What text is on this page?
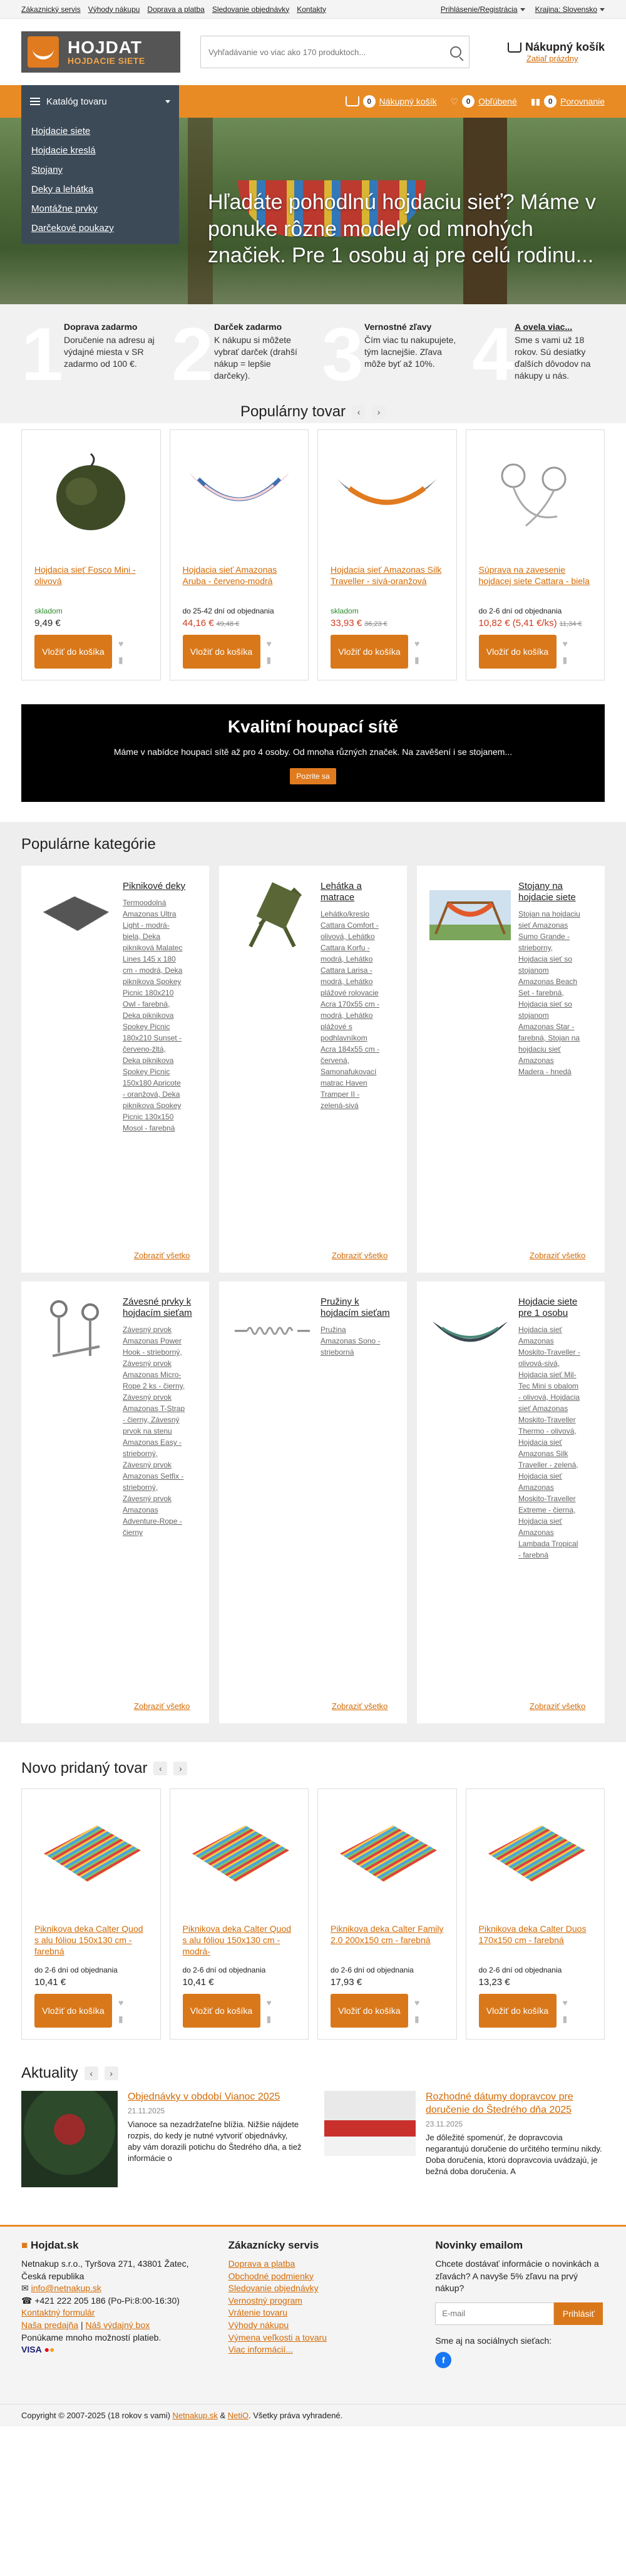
Zákaznický servis Výhody nákupu Doprava a platba Sledovanie objednávky Kontakty	Prihlásenie/Registrácia	Krajina: Slovensko
HOJDAT
HOJDACIE SIETE
Vyhľadávanie vo viac ako 170 produktoch...
Nákupný košík
Zatiaľ prázdny
Katalóg tovaru	0 Nákupný košík ♡	0 Obľúbené ▮▮	0 Porovnanie
Hľadáte pohodlnú hojdaciu sieť? Máme v ponuke rôzne modely od mnohých značiek. Pre 1 osobu aj pre celú rodinu...
Hojdacie siete
Hojdacie kreslá
Stojany
Deky a lehátka
Montážne prvky
Darčekové poukazy
1 Doprava zadarmo
Doručenie na adresu aj výdajné miesta v SR zadarmo od 100 €. 2 Darček zadarmo
K nákupu si môžete vybrať darček (drahší nákup = lepšie darčeky). 3 Vernostné zľavy
Čím viac tu nakupujete, tým lacnejšie. Zľava môže byť až 10%. 4 A ovela viac...
Sme s vami už 18 rokov. Sú desiatky ďalších dôvodov na nákupy u nás.
Populárny tovar	‹	›
Hojdacia sieť Fosco Mini - olivová
skladom
9,49 €
Vložiť do košíka
♥
▮
Hojdacia sieť Amazonas Aruba - červeno-modrá
do 25-42 dní od objednania
44,16 € 49,48 €
Vložiť do košíka
♥
▮
Hojdacia sieť Amazonas Silk Traveller - sivá-oranžová
skladom
33,93 € 36,23 €
Vložiť do košíka
♥
▮
Súprava na zavesenie hojdacej siete Cattara - biela
do 2-6 dní od objednania
10,82 € (5,41 €/ks) 11,34 €
Vložiť do košíka
♥
▮
Kvalitní houpací sítě

Máme v nabídce houpací sítě až pro 4 osoby. Od mnoha různých značek. Na zavěšení i se stojanem...

Pozrite sa
Populárne kategórie
Piknikové deky
Termoodolná Amazonas Ultra Light - modrá-biela, Deka pikniková Malatec Lines 145 x 180 cm - modrá, Deka piknikova Spokey Picnic 180x210 Owl - farebná, Deka piknikova Spokey Picnic 180x210 Sunset - červeno-žltá, Deka piknikova Spokey Picnic 150x180 Apricote - oranžová, Deka piknikova Spokey Picnic 130x150 Mosol - farebná
Zobraziť všetko
Lehátka a matrace
Lehátko/kreslo Cattara Comfort - olivová, Lehátko Cattara Korfu - modrá, Lehátko Cattara Larisa - modrá, Lehátko plážové rolovacie Acra 170x55 cm - modrá, Lehátko plážové s podhlavníkom Acra 184x55 cm - červená, Samonafukovací matrac Haven Tramper II - zelená-sivá
Zobraziť všetko
Stojany na hojdacie siete
Stojan na hojdaciu sieť Amazonas Sumo Grande - strieborny, Hojdacia sieť so stojanom Amazonas Beach Set - farebná, Hojdacia sieť so stojanom Amazonas Star - farebná, Stojan na hojdaciu sieť Amazonas Madera - hnedá
Zobraziť všetko
Závesné prvky k hojdacím sieťam
Závesný prvok Amazonas Power Hook - strieborný, Závesný prvok Amazonas Micro-Rope 2 ks - čierny, Závesný prvok Amazonas T-Strap - čierny, Závesný prvok na stenu Amazonas Easy - strieborný, Závesný prvok Amazonas Setfix - strieborný, Závesný prvok Amazonas Adventure-Rope - čierny
Zobraziť všetko
Pružiny k hojdacím sieťam
Pružina Amazonas Sono - strieborná
Zobraziť všetko
Hojdacie siete pre 1 osobu
Hojdacia sieť Amazonas Moskito-Traveller - olivová-sivá, Hojdacia sieť Mil-Tec Mini s obalom - olivová, Hojdacia sieť Amazonas Moskito-Traveller Thermo - olivová, Hojdacia sieť Amazonas Silk Traveller - zelená, Hojdacia sieť Amazonas Moskito-Traveller Extreme - čierna, Hojdacia sieť Amazonas Lambada Tropical - farebná
Zobraziť všetko
Novo pridaný tovar	‹	›
Piknikova deka Calter Quod s alu fóliou 150x130 cm - farebná
do 2-6 dní od objednania
10,41 €
Vložiť do košíka
♥
▮
Piknikova deka Calter Quod s alu fóliou 150x130 cm - modrá-
do 2-6 dní od objednania
10,41 €
Vložiť do košíka
♥
▮
Piknikova deka Calter Family 2.0 200x150 cm - farebná
do 2-6 dní od objednania
17,93 €
Vložiť do košíka
♥
▮
Piknikova deka Calter Duos 170x150 cm - farebná
do 2-6 dní od objednania
13,23 €
Vložiť do košíka
♥
▮
Aktuality	‹	›
Objednávky v období Vianoc 2025
21.11.2025
Vianoce sa nezadržateľne blížia. Nižšie nájdete rozpis, do kedy je nutné vytvoriť objednávky, aby vám dorazili potichu do Štedrého dňa, a tiež informácie o
Rozhodné dátumy dopravcov pre doručenie do Štedrého dňa 2025
23.11.2025
Je dôležité spomenúť, že dopravcovia negarantujú doručenie do určitého termínu nikdy. Doba doručenia, ktorú dopravcovia uvádzajú, je bežná doba doručenia. A
■ Hojdat.sk
Netnakup s.r.o., Tyršova 271, 43801 Žatec, Česká republika
✉ info@netnakup.sk
☎ +421 222 205 186 (Po-Pi:8:00-16:30)
Kontaktný formulár
Naša predajňa | Náš výdajný box
Ponúkame mnoho možností platieb.
VISA ●●
Zákaznícky servis
Doprava a platba
Obchodné podmienky
Sledovanie objednávky
Vernostný program
Vrátenie tovaru
Výhody nákupu
Výmena veľkosti a tovaru
Viac informácií...
Novinky emailom
Chcete dostávať informácie o novinkách a zľavách? A navyše 5% zľavu na prvý nákup?
E-mail
Prihlásiť
Sme aj na sociálnych sieťach:
f
Copyright © 2007-2025 (18 rokov s vami) Netnakup.sk & NetiO. Všetky práva vyhradené.
